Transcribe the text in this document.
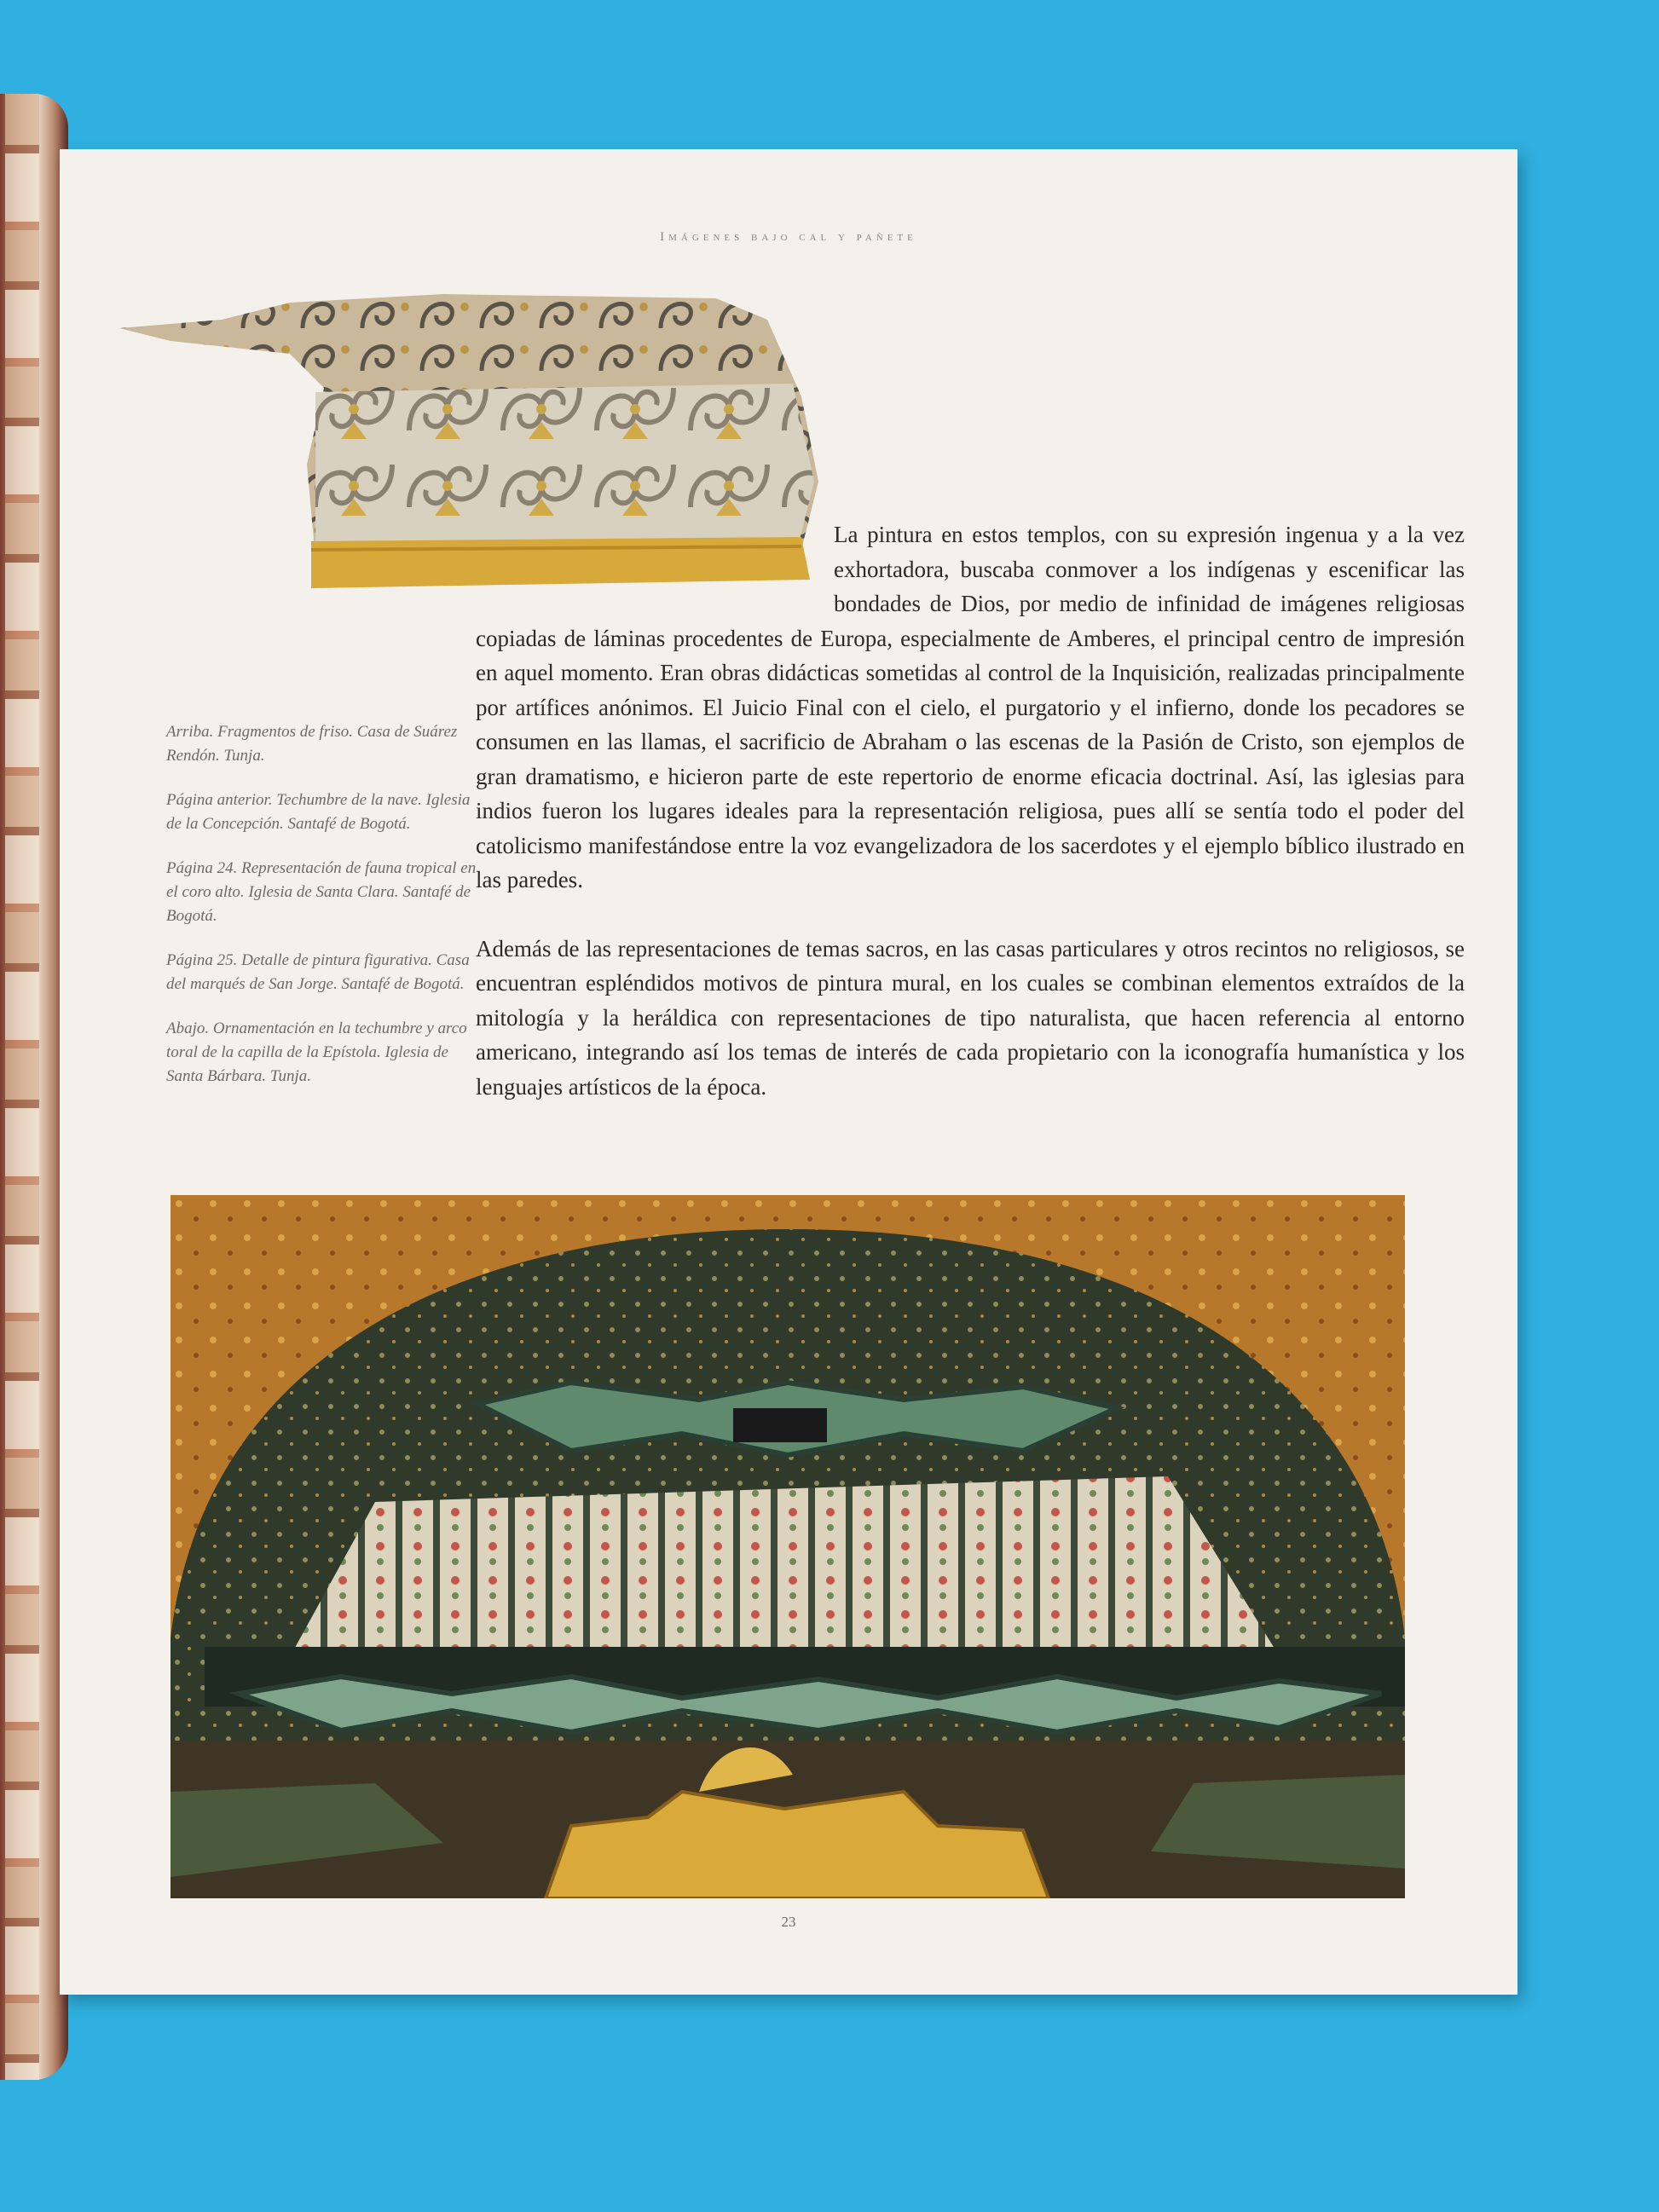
Imágenes bajo cal y pañete

Arriba. Fragmentos de friso. Casa de Suárez Rendón. Tunja.

Página anterior. Techumbre de la nave. Iglesia de la Concepción. Santafé de Bogotá.

Página 24. Representación de fauna tropical en el coro alto. Iglesia de Santa Clara. Santafé de Bogotá.

Página 25. Detalle de pintura figurativa. Casa del marqués de San Jorge. Santafé de Bogotá.

Abajo. Ornamentación en la techumbre y arco toral de la capilla de la Epístola. Iglesia de Santa Bárbara. Tunja.

La pintura en estos templos, con su expresión ingenua y a la vez exhortadora, buscaba conmover a los indígenas y escenificar las bondades de Dios, por medio de infinidad de imágenes religiosas copiadas de láminas procedentes de Europa, especialmente de Amberes, el principal centro de impresión en aquel momento. Eran obras didácticas sometidas al control de la Inquisición, realizadas principalmente por artífices anónimos. El Juicio Final con el cielo, el purgatorio y el infierno, donde los pecadores se consumen en las llamas, el sacrificio de Abraham o las escenas de la Pasión de Cristo, son ejemplos de gran dramatismo, e hicieron parte de este repertorio de enorme eficacia doctrinal. Así, las iglesias para indios fueron los lugares ideales para la representación religiosa, pues allí se sentía todo el poder del catolicismo manifestándose entre la voz evangelizadora de los sacerdotes y el ejemplo bíblico ilustrado en las paredes.

Además de las representaciones de temas sacros, en las casas particulares y otros recintos no religiosos, se encuentran espléndidos motivos de pintura mural, en los cuales se combinan elementos extraídos de la mitología y la heráldica con representaciones de tipo naturalista, que hacen referencia al entorno americano, integrando así los temas de interés de cada propietario con la iconografía humanística y los lenguajes artísticos de la época.

23
